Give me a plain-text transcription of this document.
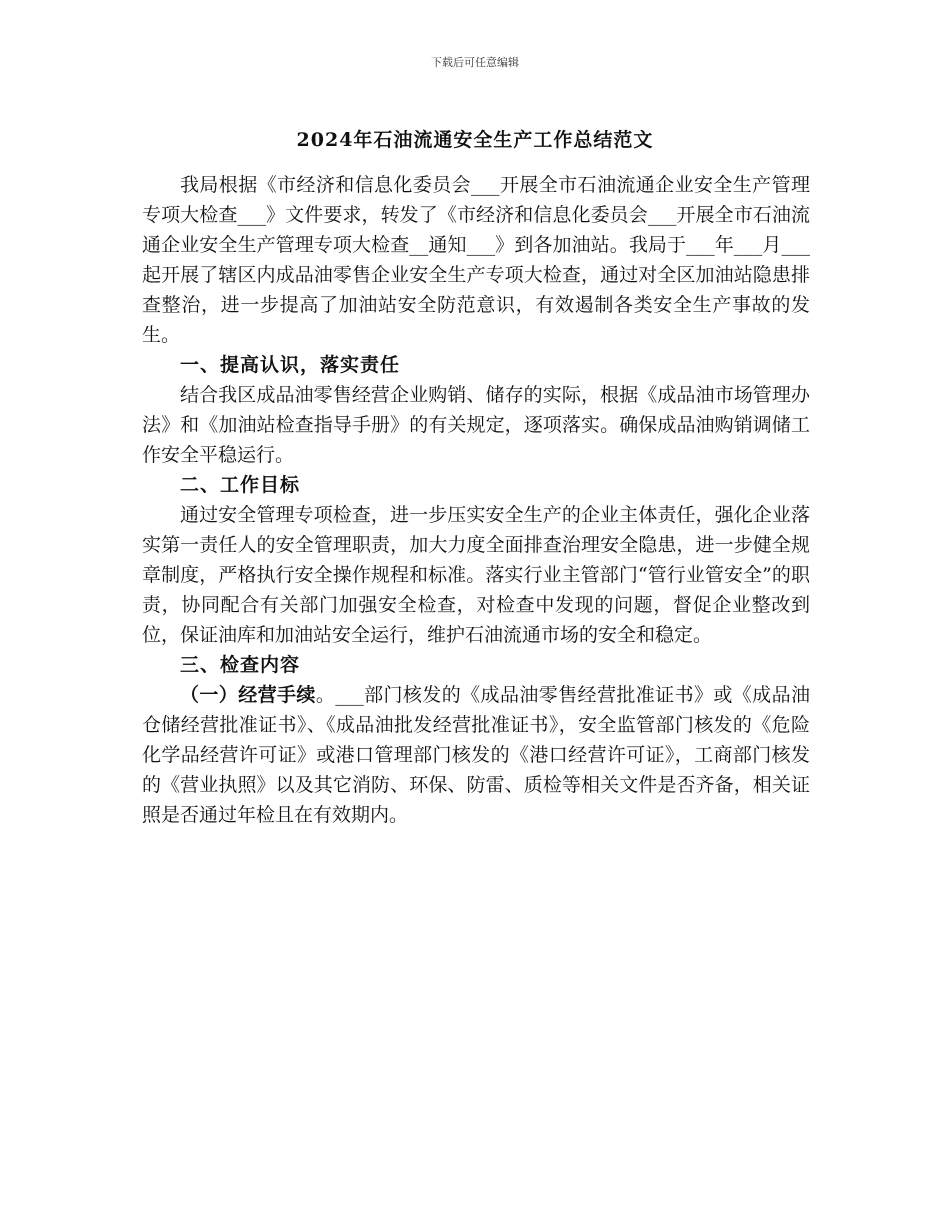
下载后可任意编辑
2024年石油流通安全生产工作总结范文

我局根据《市经济和信息化委员会___开展全市石油流通企业安全生产管理专项大检查___》文件要求，转发了《市经济和信息化委员会___开展全市石油流通企业安全生产管理专项大检查__通知___》到各加油站。我局于___年___月___起开展了辖区内成品油零售企业安全生产专项大检查，通过对全区加油站隐患排查整治，进一步提高了加油站安全防范意识，有效遏制各类安全生产事故的发生。

一、提高认识，落实责任

结合我区成品油零售经营企业购销、储存的实际，根据《成品油市场管理办法》和《加油站检查指导手册》的有关规定，逐项落实。确保成品油购销调储工作安全平稳运行。

二、工作目标

通过安全管理专项检查，进一步压实安全生产的企业主体责任，强化企业落实第一责任人的安全管理职责，加大力度全面排查治理安全隐患，进一步健全规章制度，严格执行安全操作规程和标准。落实行业主管部门“管行业管安全”的职责，协同配合有关部门加强安全检查，对检查中发现的问题，督促企业整改到位，保证油库和加油站安全运行，维护石油流通市场的安全和稳定。

三、检查内容

（一）经营手续。___部门核发的《成品油零售经营批准证书》或《成品油仓储经营批准证书》、《成品油批发经营批准证书》，安全监管部门核发的《危险化学品经营许可证》或港口管理部门核发的《港口经营许可证》，工商部门核发的《营业执照》以及其它消防、环保、防雷、质检等相关文件是否齐备，相关证照是否通过年检且在有效期内。
